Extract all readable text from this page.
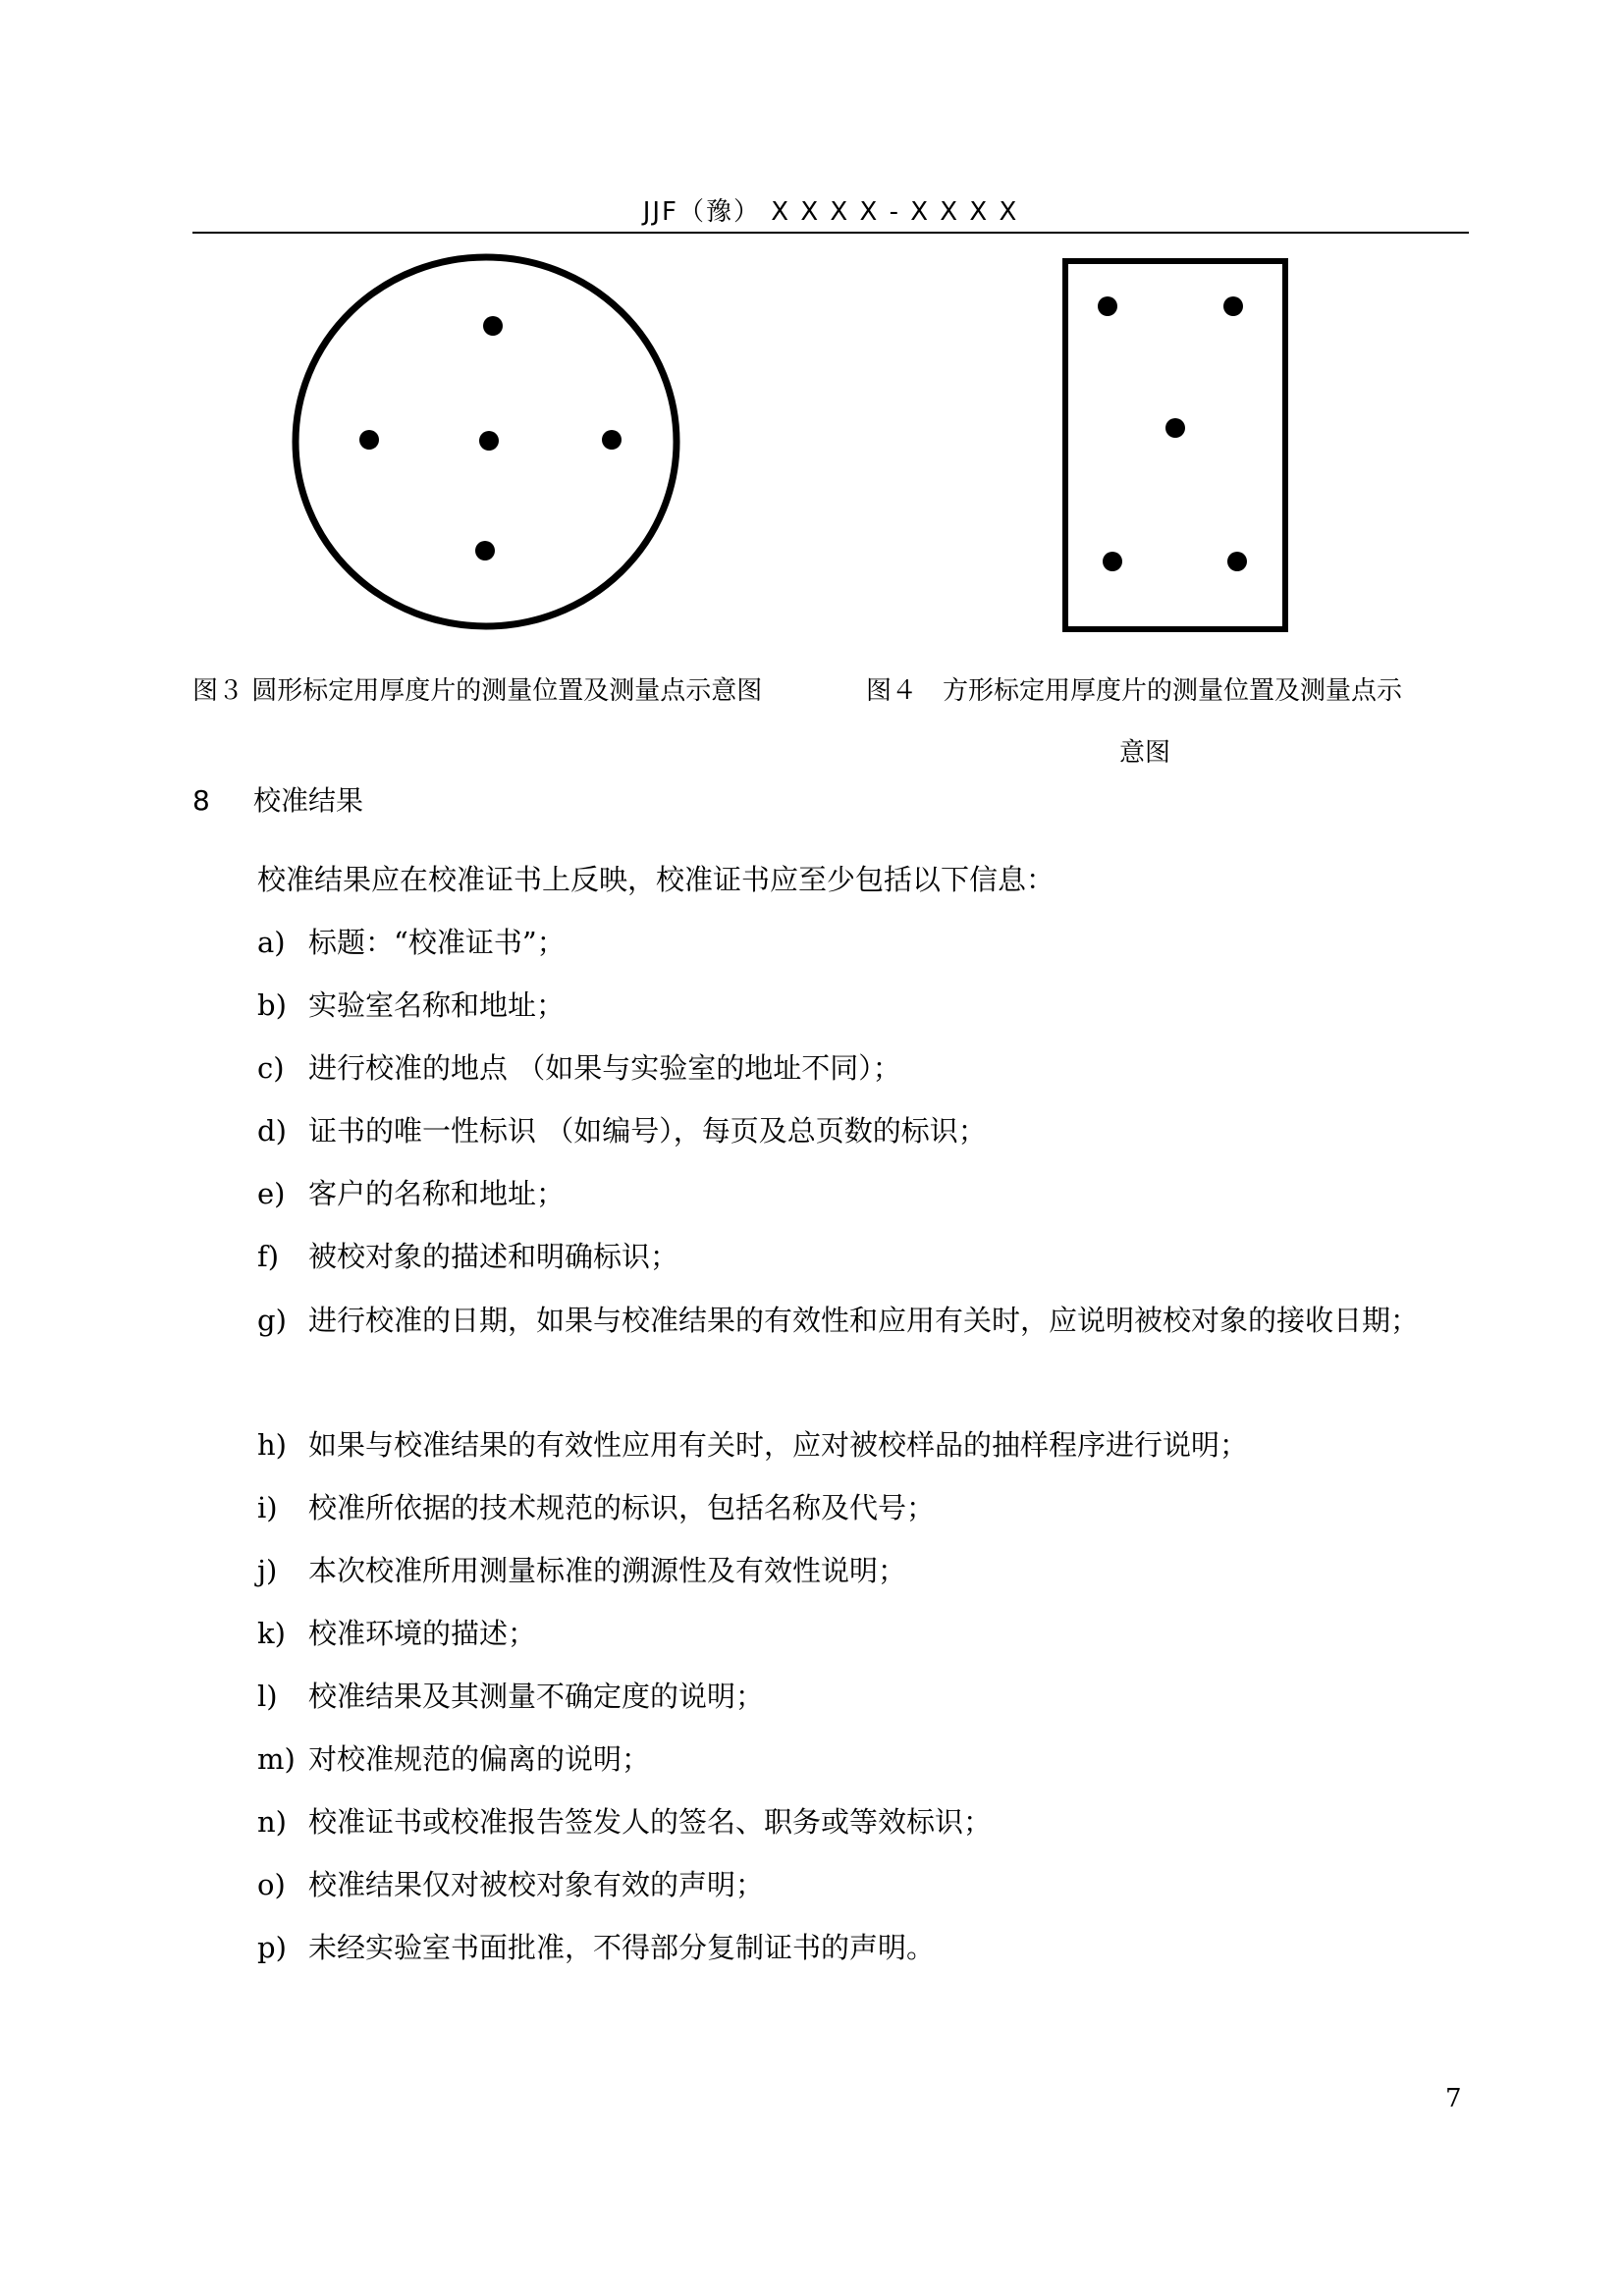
JJF（豫） X X X X - X X X X
图３ 圆形标定用厚度片的测量位置及测量点示意图	图４　方形标定用厚度片的测量位置及测量点示
意图
8 校准结果
校准结果应在校准证书上反映，校准证书应至少包括以下信息：
a) 标题：“校准证书”；
b) 实验室名称和地址；
c) 进行校准的地点 （如果与实验室的地址不同）；
d) 证书的唯一性标识 （如编号），每页及总页数的标识；
e) 客户的名称和地址；
f) 被校对象的描述和明确标识；
g) 进行校准的日期，如果与校准结果的有效性和应用有关时，应说明被校对象的接收日期；
h) 如果与校准结果的有效性应用有关时，应对被校样品的抽样程序进行说明；
i) 校准所依据的技术规范的标识，包括名称及代号；
j) 本次校准所用测量标准的溯源性及有效性说明；
k) 校准环境的描述；
l) 校准结果及其测量不确定度的说明；
m) 对校准规范的偏离的说明；
n) 校准证书或校准报告签发人的签名、职务或等效标识；
o) 校准结果仅对被校对象有效的声明；
p) 未经实验室书面批准，不得部分复制证书的声明。
7
